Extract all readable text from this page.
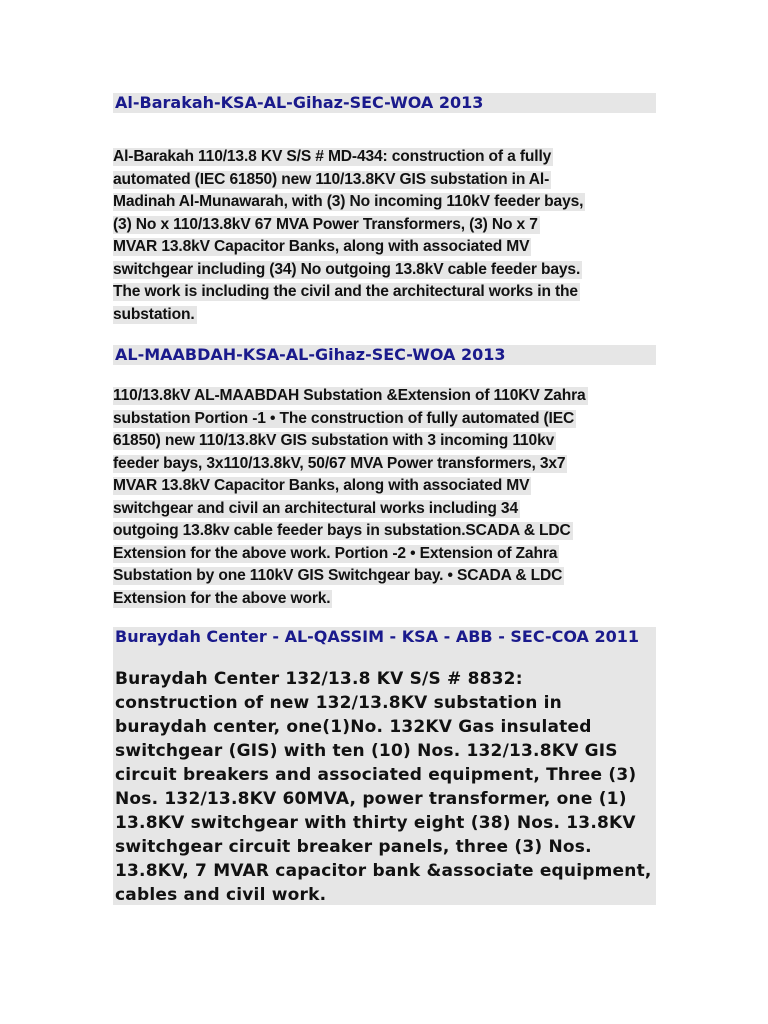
Al-Barakah-KSA-AL-Gihaz-SEC-WOA 2013

Al-Barakah 110/13.8 KV S/S # MD-434: construction of a fully
automated (IEC 61850) new 110/13.8KV GIS substation in Al-
Madinah Al-Munawarah, with (3) No incoming 110kV feeder bays,
(3) No x 110/13.8kV 67 MVA Power Transformers, (3) No x 7
MVAR 13.8kV Capacitor Banks, along with associated MV
switchgear including (34) No outgoing 13.8kV cable feeder bays.
The work is including the civil and the architectural works in the
substation.

AL-MAABDAH-KSA-AL-Gihaz-SEC-WOA 2013

110/13.8kV AL-MAABDAH Substation &Extension of 110KV Zahra
substation Portion -1 • The construction of fully automated (IEC
61850) new 110/13.8kV GIS substation with 3 incoming 110kv
feeder bays, 3x110/13.8kV, 50/67 MVA Power transformers, 3x7
MVAR 13.8kV Capacitor Banks, along with associated MV
switchgear and civil an architectural works including 34
outgoing 13.8kv cable feeder bays in substation.SCADA & LDC
Extension for the above work. Portion -2 • Extension of Zahra
Substation by one 110kV GIS Switchgear bay. • SCADA & LDC
Extension for the above work.

Buraydah Center - AL-QASSIM - KSA - ABB - SEC-COA 2011

Buraydah Center 132/13.8 KV S/S # 8832:
construction of new 132/13.8KV substation in
buraydah center, one(1)No. 132KV Gas insulated
switchgear (GIS) with ten (10) Nos. 132/13.8KV GIS
circuit breakers and associated equipment, Three (3)
Nos. 132/13.8KV 60MVA, power transformer, one (1)
13.8KV switchgear with thirty eight (38) Nos. 13.8KV
switchgear circuit breaker panels, three (3) Nos.
13.8KV, 7 MVAR capacitor bank &associate equipment,
cables and civil work.
